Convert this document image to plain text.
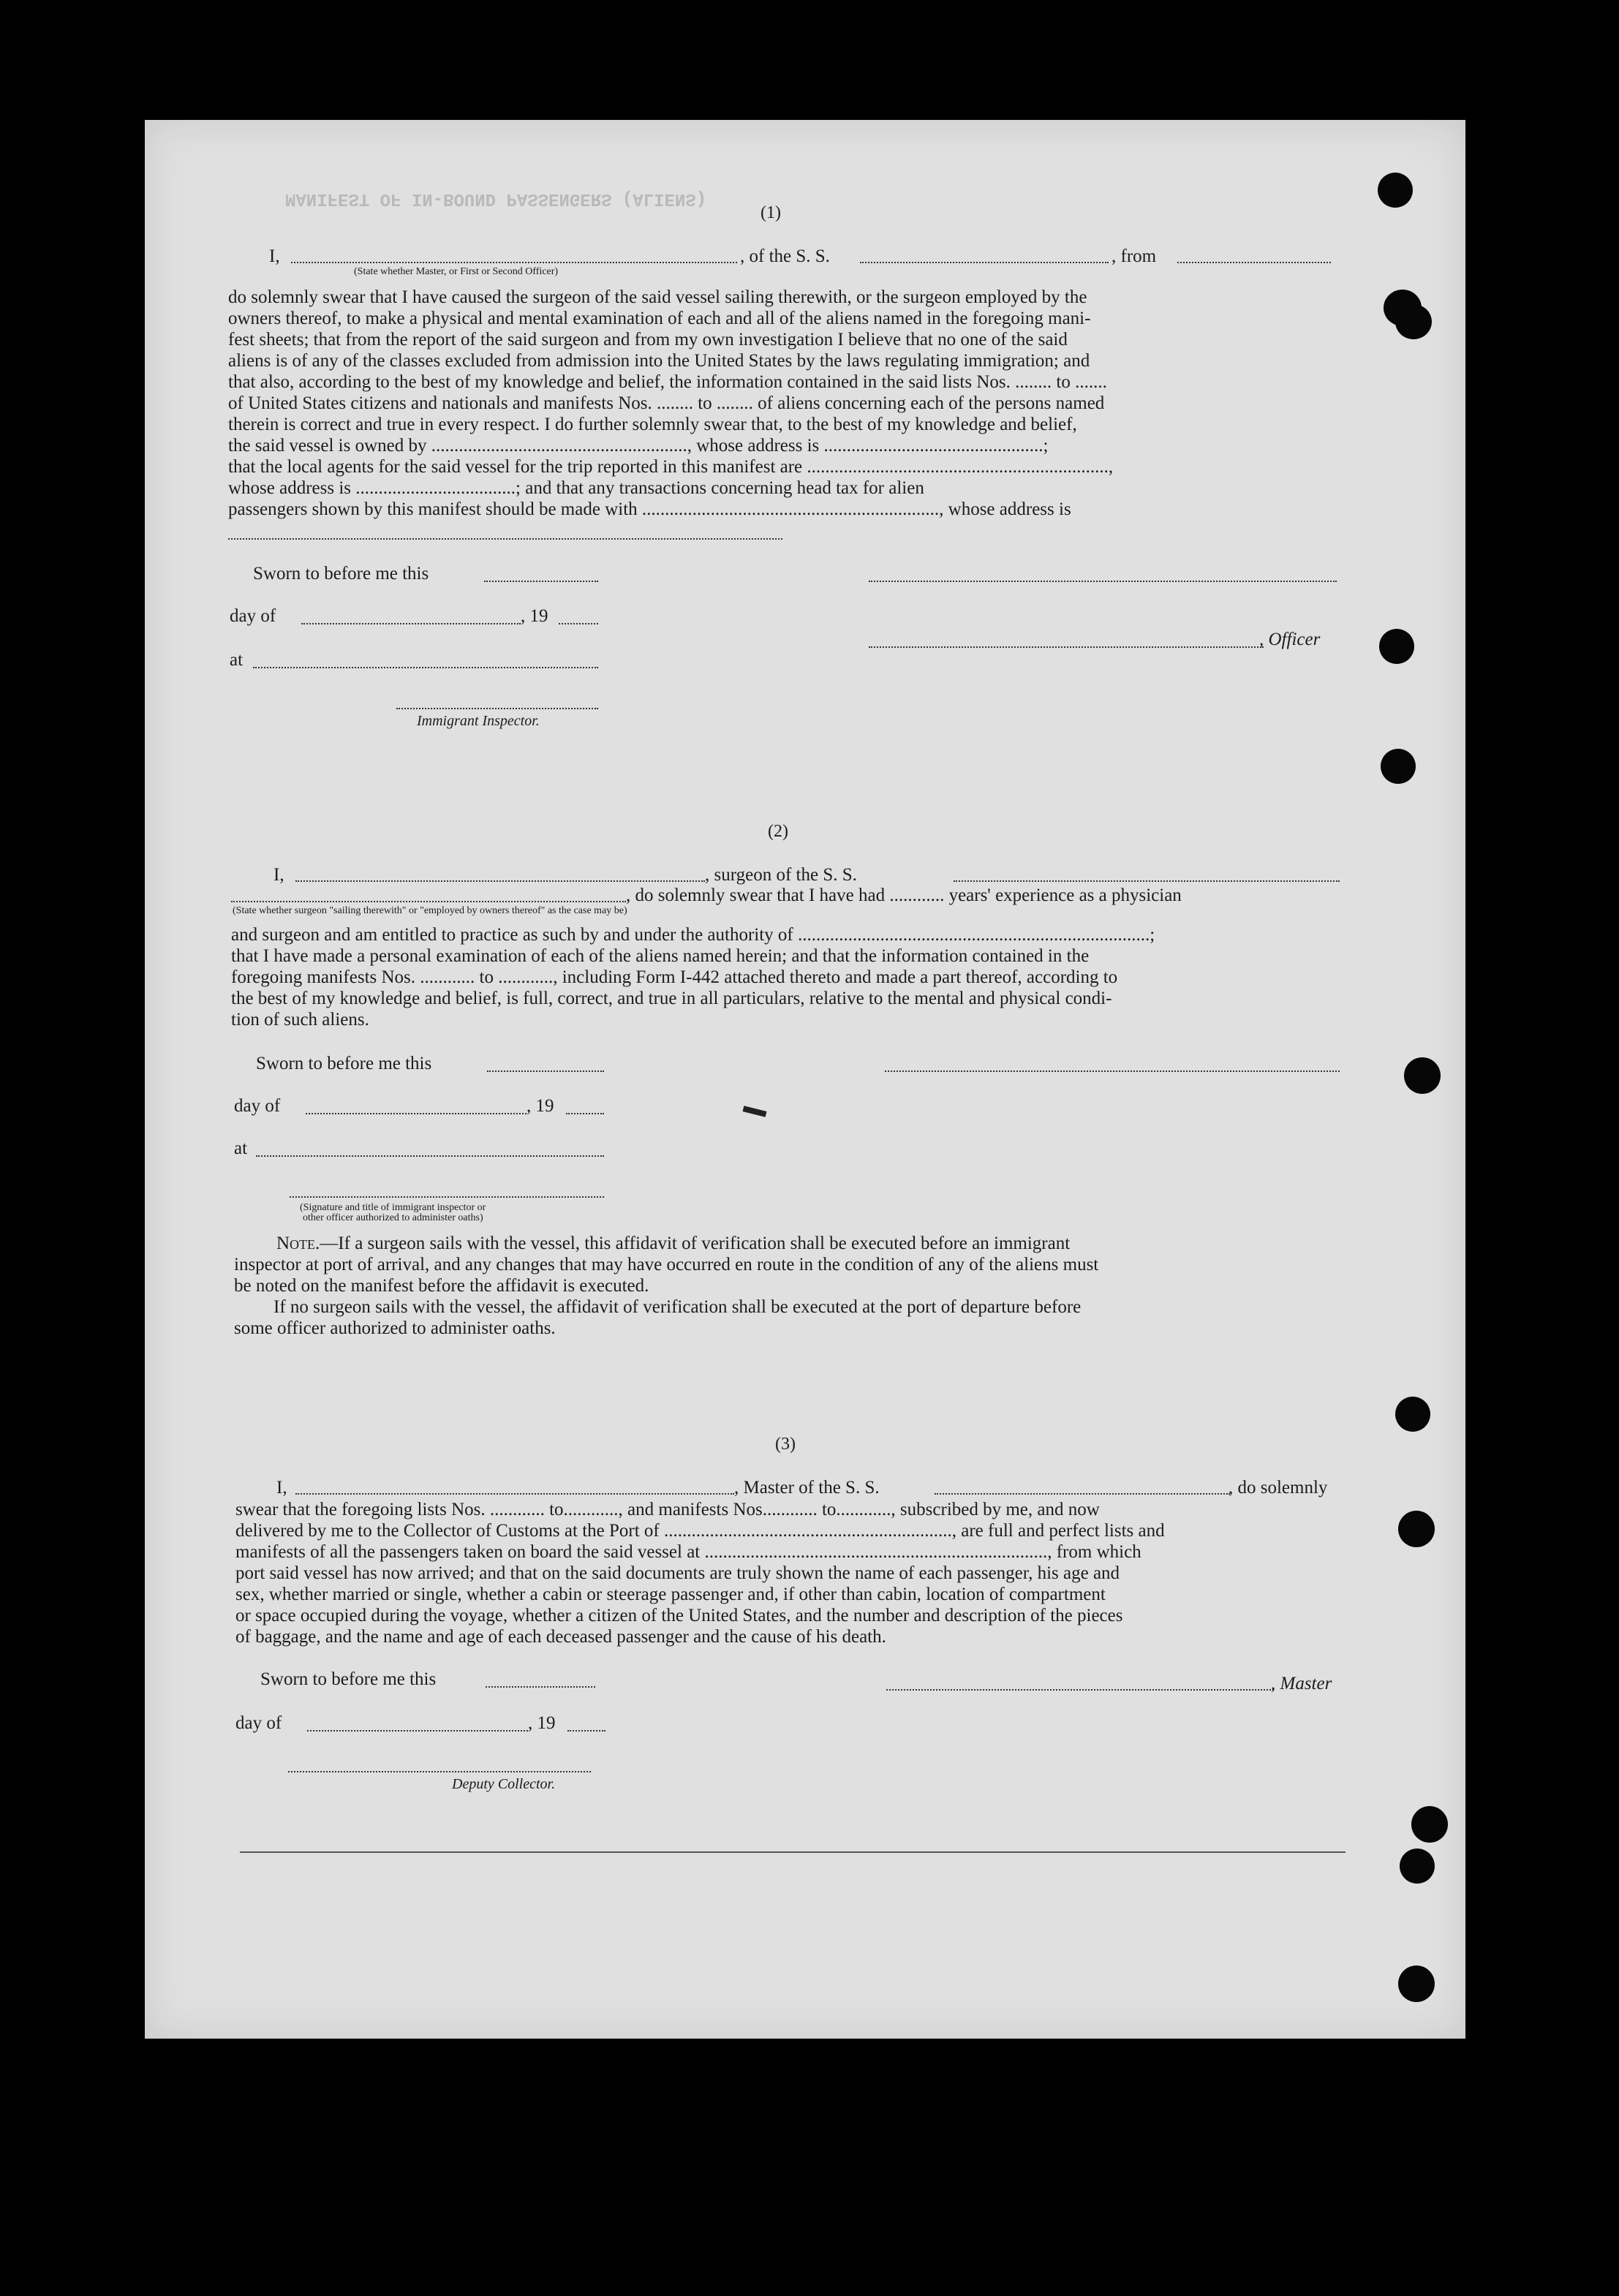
MANIFEST OF IN-BOUND PASSENGERS (ALIENS)
(1)
I,	, of the S. S.	, from
(State whether Master, or First or Second Officer)

do solemnly swear that I have caused the surgeon of the said vessel sailing therewith, or the surgeon employed by the

owners thereof, to make a physical and mental examination of each and all of the aliens named in the foregoing mani-

fest sheets; that from the report of the said surgeon and from my own investigation I believe that no one of the said

aliens is of any of the classes excluded from admission into the United States by the laws regulating immigration; and

that also, according to the best of my knowledge and belief, the information contained in the said lists Nos. ........ to .......

of United States citizens and nationals and manifests Nos. ........ to ........ of aliens concerning each of the persons named

therein is correct and true in every respect. I do further solemnly swear that, to the best of my knowledge and belief,

the said vessel is owned by ........................................................, whose address is ................................................;

that the local agents for the said vessel for the trip reported in this manifest are ..................................................................,

whose address is ...................................; and that any transactions concerning head tax for alien

passengers shown by this manifest should be made with ................................................................., whose address is

Sworn to before me this
day of	, 19
, Officer
at
Immigrant Inspector.
(2)
I,	, surgeon of the S. S.
, do solemnly swear that I have had ............ years' experience as a physician
(State whether surgeon "sailing therewith" or "employed by owners thereof" as the case may be)

and surgeon and am entitled to practice as such by and under the authority of .............................................................................;

that I have made a personal examination of each of the aliens named herein; and that the information contained in the

foregoing manifests Nos. ............ to ............, including Form I-442 attached thereto and made a part thereof, according to

the best of my knowledge and belief, is full, correct, and true in all particulars, relative to the mental and physical condi-

tion of such aliens.

Sworn to before me this
day of	, 19
at
(Signature and title of immigrant inspector or
other officer authorized to administer oaths)

Note.—If a surgeon sails with the vessel, this affidavit of verification shall be executed before an immigrant

inspector at port of arrival, and any changes that may have occurred en route in the condition of any of the aliens must

be noted on the manifest before the affidavit is executed.

If no surgeon sails with the vessel, the affidavit of verification shall be executed at the port of departure before

some officer authorized to administer oaths.

(3)
I,	, Master of the S. S.	, do solemnly

swear that the foregoing lists Nos. ............ to............, and manifests Nos............ to............, subscribed by me, and now

delivered by me to the Collector of Customs at the Port of ..............................................................., are full and perfect lists and

manifests of all the passengers taken on board the said vessel at ..........................................................................., from which

port said vessel has now arrived; and that on the said documents are truly shown the name of each passenger, his age and

sex, whether married or single, whether a cabin or steerage passenger and, if other than cabin, location of compartment

or space occupied during the voyage, whether a citizen of the United States, and the number and description of the pieces

of baggage, and the name and age of each deceased passenger and the cause of his death.

Sworn to before me this	, Master
day of	, 19
Deputy Collector.
